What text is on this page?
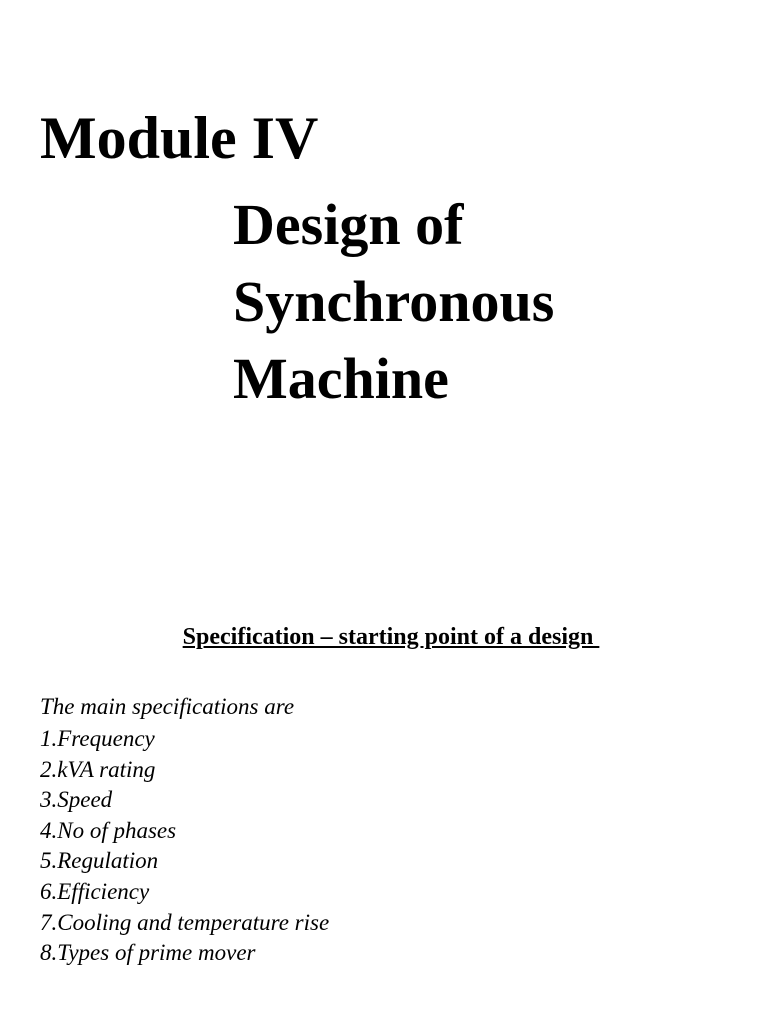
Module IV
Design of
Synchronous
Machine
Specification – starting point of a design
The main specifications are
1.Frequency
2.kVA rating
3.Speed
4.No of phases
5.Regulation
6.Efficiency
7.Cooling and temperature rise
8.Types of prime mover
